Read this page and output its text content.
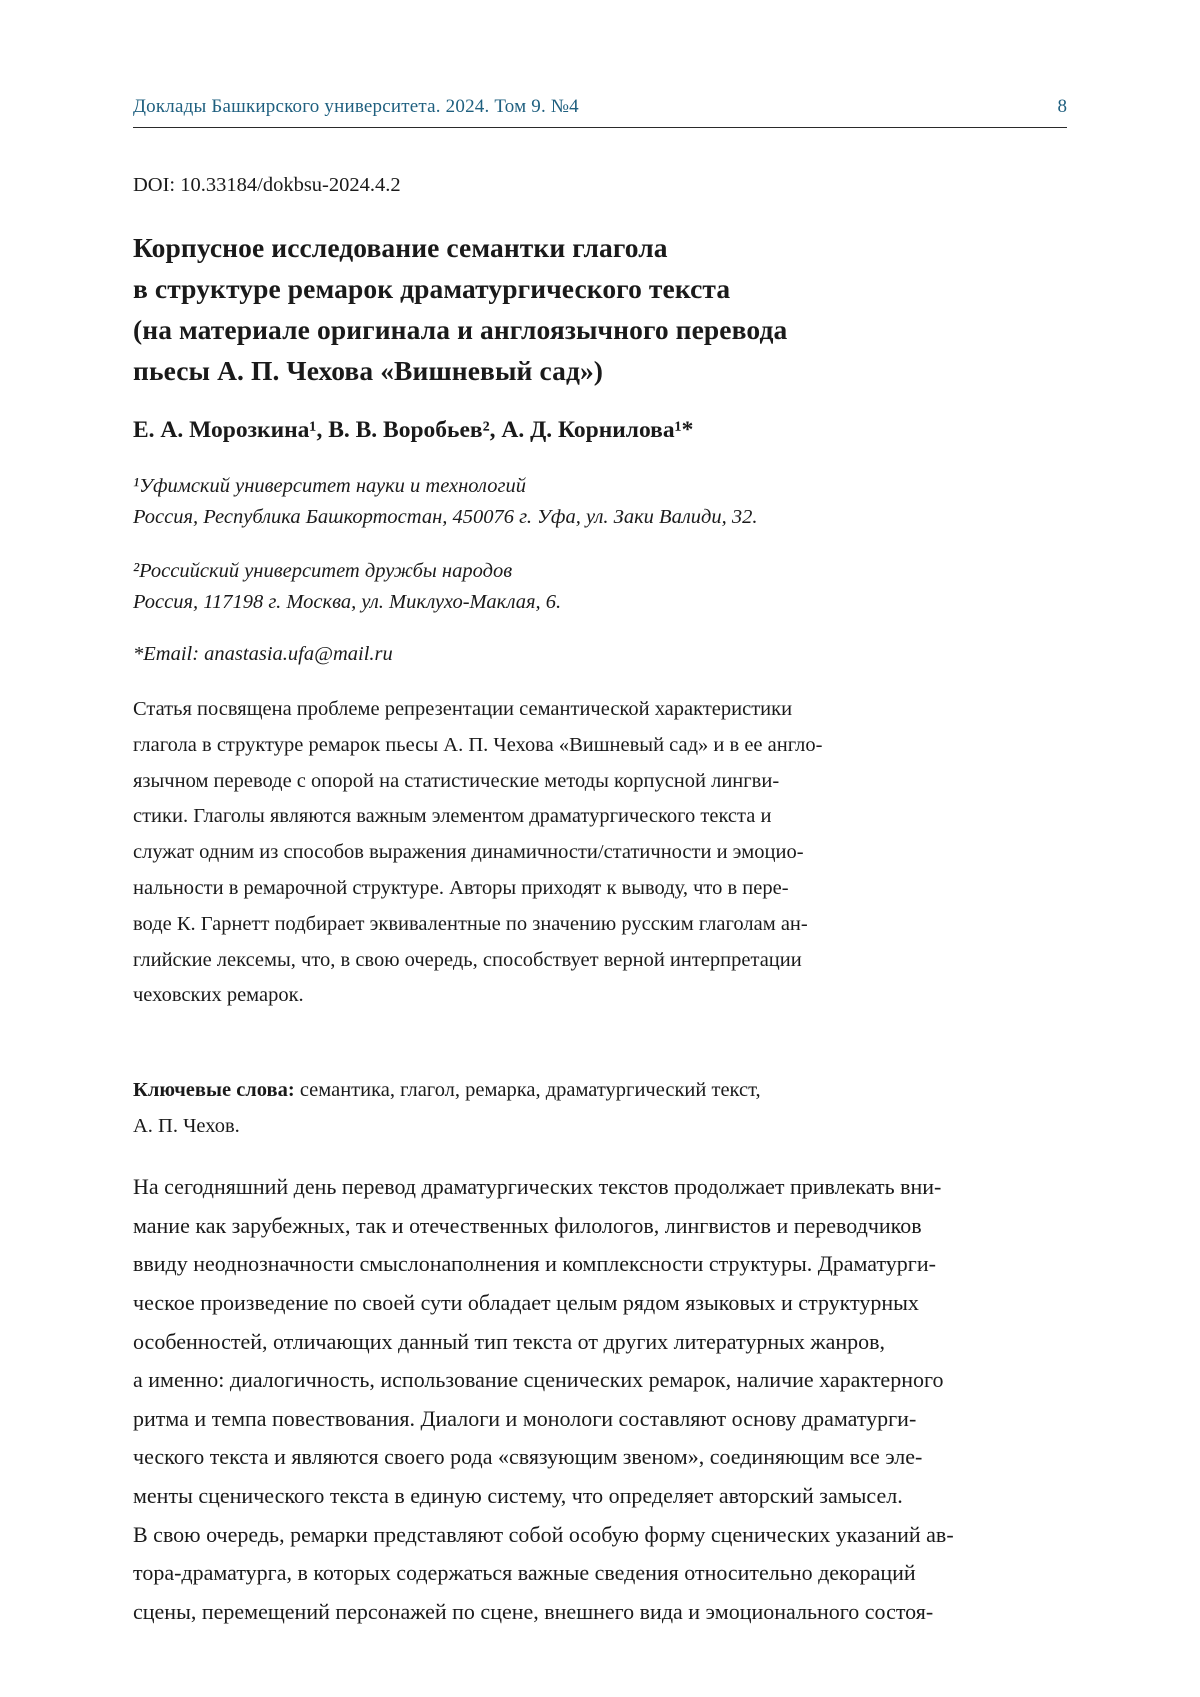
Доклады Башкирского университета. 2024. Том 9. №4	8
DOI: 10.33184/dokbsu-2024.4.2
Корпусное исследование семантки глагола
в структуре ремарок драматургического текста
(на материале оригинала и англоязычного перевода
пьесы А. П. Чехова «Вишневый сад»)
Е. А. Морозкина¹, В. В. Воробьев², А. Д. Корнилова¹*
¹Уфимский университет науки и технологий
Россия, Республика Башкортостан, 450076 г. Уфа, ул. Заки Валиди, 32.
²Российский университет дружбы народов
Россия, 117198 г. Москва, ул. Миклухо-Маклая, 6.
*Email: anastasia.ufa@mail.ru
Статья посвящена проблеме репрезентации семантической характеристики
глагола в структуре ремарок пьесы А. П. Чехова «Вишневый сад» и в ее англо-
язычном переводе с опорой на статистические методы корпусной лингви-
стики. Глаголы являются важным элементом драматургического текста и
служат одним из способов выражения динамичности/статичности и эмоцио-
нальности в ремарочной структуре. Авторы приходят к выводу, что в пере-
воде К. Гарнетт подбирает эквивалентные по значению русским глаголам ан-
глийские лексемы, что, в свою очередь, способствует верной интерпретации
чеховских ремарок.

Ключевые слова: семантика, глагол, ремарка, драматургический текст,
А. П. Чехов.

На сегодняшний день перевод драматургических текстов продолжает привлекать вни-
мание как зарубежных, так и отечественных филологов, лингвистов и переводчиков
ввиду неоднозначности смыслонаполнения и комплексности структуры. Драматурги-
ческое произведение по своей сути обладает целым рядом языковых и структурных
особенностей, отличающих данный тип текста от других литературных жанров,
а именно: диалогичность, использование сценических ремарок, наличие характерного
ритма и темпа повествования. Диалоги и монологи составляют основу драматурги-
ческого текста и являются своего рода «связующим звеном», соединяющим все эле-
менты сценического текста в единую систему, что определяет авторский замысел.
В свою очередь, ремарки представляют собой особую форму сценических указаний ав-
тора-драматурга, в которых содержаться важные сведения относительно декораций
сцены, перемещений персонажей по сцене, внешнего вида и эмоционального состоя-
